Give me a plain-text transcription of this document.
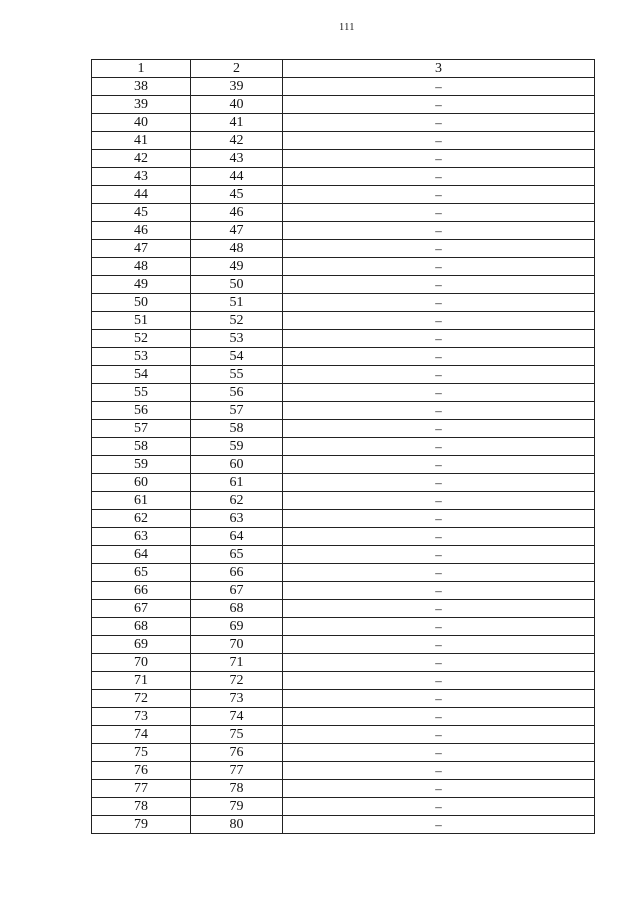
111
1	2	3
38	39	–
39	40	–
40	41	–
41	42	–
42	43	–
43	44	–
44	45	–
45	46	–
46	47	–
47	48	–
48	49	–
49	50	–
50	51	–
51	52	–
52	53	–
53	54	–
54	55	–
55	56	–
56	57	–
57	58	–
58	59	–
59	60	–
60	61	–
61	62	–
62	63	–
63	64	–
64	65	–
65	66	–
66	67	–
67	68	–
68	69	–
69	70	–
70	71	–
71	72	–
72	73	–
73	74	–
74	75	–
75	76	–
76	77	–
77	78	–
78	79	–
79	80	–
